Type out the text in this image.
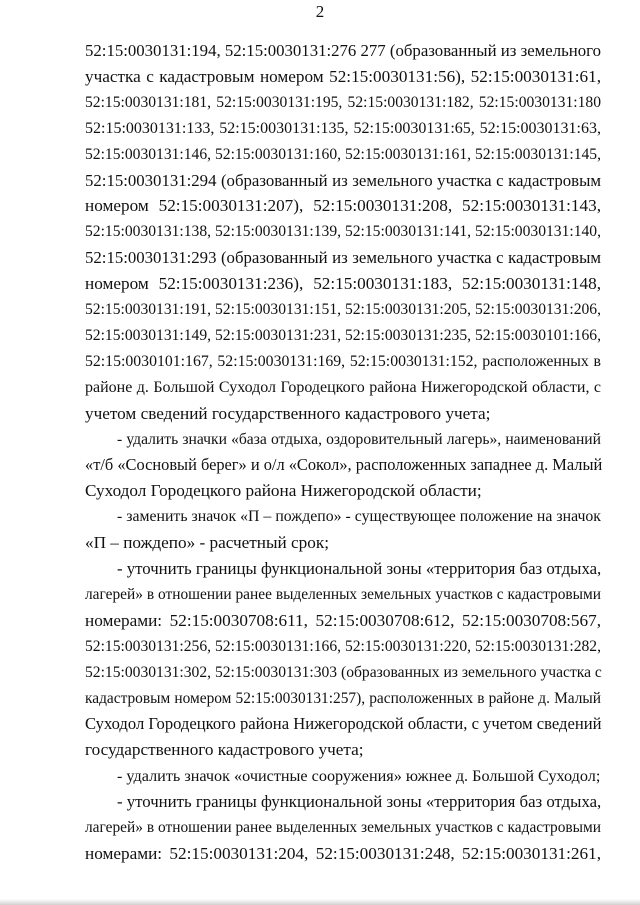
2
52:15:0030131:194, 52:15:0030131:276 277 (образованный из земельного
участка с кадастровым номером 52:15:0030131:56), 52:15:0030131:61,
52:15:0030131:181, 52:15:0030131:195, 52:15:0030131:182, 52:15:0030131:180
52:15:0030131:133, 52:15:0030131:135, 52:15:0030131:65, 52:15:0030131:63,
52:15:0030131:146, 52:15:0030131:160, 52:15:0030131:161, 52:15:0030131:145,
52:15:0030131:294 (образованный из земельного участка с кадастровым
номером 52:15:0030131:207), 52:15:0030131:208, 52:15:0030131:143,
52:15:0030131:138, 52:15:0030131:139, 52:15:0030131:141, 52:15:0030131:140,
52:15:0030131:293 (образованный из земельного участка с кадастровым
номером 52:15:0030131:236), 52:15:0030131:183, 52:15:0030131:148,
52:15:0030131:191, 52:15:0030131:151, 52:15:0030131:205, 52:15:0030131:206,
52:15:0030131:149, 52:15:0030131:231, 52:15:0030131:235, 52:15:0030101:166,
52:15:0030101:167, 52:15:0030131:169, 52:15:0030131:152, расположенных в
районе д. Большой Суходол Городецкого района Нижегородской области, с
учетом сведений государственного кадастрового учета;
- удалить значки «база отдыха, оздоровительный лагерь», наименований
«т/б «Сосновый берег» и о/л «Сокол», расположенных западнее д. Малый
Суходол Городецкого района Нижегородской области;
- заменить значок «П – пождепо» - существующее положение на значок
«П – пождепо» - расчетный срок;
- уточнить границы функциональной зоны «территория баз отдыха,
лагерей» в отношении ранее выделенных земельных участков с кадастровыми
номерами: 52:15:0030708:611, 52:15:0030708:612, 52:15:0030708:567,
52:15:0030131:256, 52:15:0030131:166, 52:15:0030131:220, 52:15:0030131:282,
52:15:0030131:302, 52:15:0030131:303 (образованных из земельного участка с
кадастровым номером 52:15:0030131:257), расположенных в районе д. Малый
Суходол Городецкого района Нижегородской области, с учетом сведений
государственного кадастрового учета;
- удалить значок «очистные сооружения» южнее д. Большой Суходол;
- уточнить границы функциональной зоны «территория баз отдыха,
лагерей» в отношении ранее выделенных земельных участков с кадастровыми
номерами: 52:15:0030131:204, 52:15:0030131:248, 52:15:0030131:261,
